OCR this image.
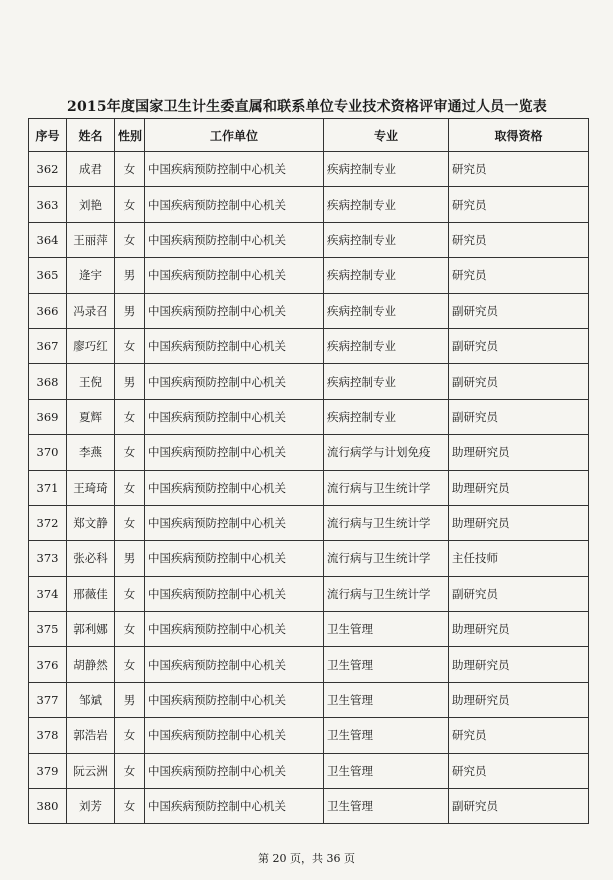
2015年度国家卫生计生委直属和联系单位专业技术资格评审通过人员一览表
序号	姓名	性别	工作单位	专业	取得资格
362	成君	女	中国疾病预防控制中心机关	疾病控制专业	研究员
363	刘艳	女	中国疾病预防控制中心机关	疾病控制专业	研究员
364	王丽萍	女	中国疾病预防控制中心机关	疾病控制专业	研究员
365	逄宇	男	中国疾病预防控制中心机关	疾病控制专业	研究员
366	冯录召	男	中国疾病预防控制中心机关	疾病控制专业	副研究员
367	廖巧红	女	中国疾病预防控制中心机关	疾病控制专业	副研究员
368	王倪	男	中国疾病预防控制中心机关	疾病控制专业	副研究员
369	夏辉	女	中国疾病预防控制中心机关	疾病控制专业	副研究员
370	李燕	女	中国疾病预防控制中心机关	流行病学与计划免疫	助理研究员
371	王琦琦	女	中国疾病预防控制中心机关	流行病与卫生统计学	助理研究员
372	郑文静	女	中国疾病预防控制中心机关	流行病与卫生统计学	助理研究员
373	张必科	男	中国疾病预防控制中心机关	流行病与卫生统计学	主任技师
374	邢薇佳	女	中国疾病预防控制中心机关	流行病与卫生统计学	副研究员
375	郭利娜	女	中国疾病预防控制中心机关	卫生管理	助理研究员
376	胡静然	女	中国疾病预防控制中心机关	卫生管理	助理研究员
377	邹斌	男	中国疾病预防控制中心机关	卫生管理	助理研究员
378	郭浩岩	女	中国疾病预防控制中心机关	卫生管理	研究员
379	阮云洲	女	中国疾病预防控制中心机关	卫生管理	研究员
380	刘芳	女	中国疾病预防控制中心机关	卫生管理	副研究员
第 20 页，共 36 页
